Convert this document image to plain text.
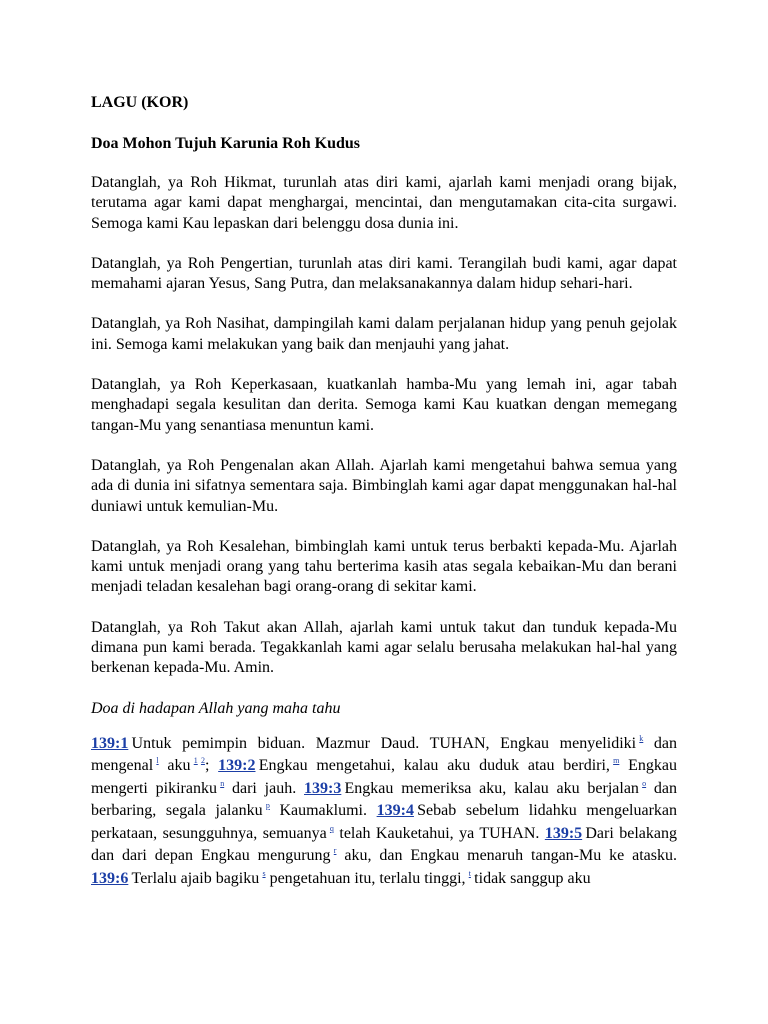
LAGU (KOR)
Doa Mohon Tujuh Karunia Roh Kudus

Datanglah, ya Roh Hikmat, turunlah atas diri kami, ajarlah kami menjadi orang bijak, terutama agar kami dapat menghargai, mencintai, dan mengutamakan cita-cita surgawi. Semoga kami Kau lepaskan dari belenggu dosa dunia ini.

Datanglah, ya Roh Pengertian, turunlah atas diri kami. Terangilah budi kami, agar dapat memahami ajaran Yesus, Sang Putra, dan melaksanakannya dalam hidup sehari-hari.

Datanglah, ya Roh Nasihat, dampingilah kami dalam perjalanan hidup yang penuh gejolak ini. Semoga kami melakukan yang baik dan menjauhi yang jahat.

Datanglah, ya Roh Keperkasaan, kuatkanlah hamba-Mu yang lemah ini, agar tabah menghadapi segala kesulitan dan derita. Semoga kami Kau kuatkan dengan memegang tangan-Mu yang senantiasa menuntun kami.

Datanglah, ya Roh Pengenalan akan Allah. Ajarlah kami mengetahui bahwa semua yang ada di dunia ini sifatnya sementara saja. Bimbinglah kami agar dapat menggunakan hal-hal duniawi untuk kemulian-Mu.

Datanglah, ya Roh Kesalehan, bimbinglah kami untuk terus berbakti kepada-Mu. Ajarlah kami untuk menjadi orang yang tahu berterima kasih atas segala kebaikan-Mu dan berani menjadi teladan kesalehan bagi orang-orang di sekitar kami.

Datanglah, ya Roh Takut akan Allah, ajarlah kami untuk takut dan tunduk kepada-Mu dimana pun kami berada. Tegakkanlah kami agar selalu berusaha melakukan hal-hal yang berkenan kepada-Mu. Amin.

Doa di hadapan Allah yang maha tahu

139:1  Untuk pemimpin biduan. Mazmur Daud. TUHAN, Engkau menyelidiki  $^k$ dan mengenal  $^l$ aku  $^1$  $^2$; 139:2  Engkau mengetahui, kalau aku duduk atau berdiri,  $^m$ Engkau mengerti pikiranku  $^n$ dari jauh. 139:3  Engkau memeriksa aku, kalau aku berjalan  $^o$ dan berbaring, segala jalanku  $^p$ Kaumaklumi. 139:4  Sebab sebelum lidahku mengeluarkan perkataan, sesungguhnya, semuanya  $^q$ telah Kauketahui, ya TUHAN. 139:5  Dari belakang dan dari depan Engkau mengurung  $^r$ aku, dan Engkau menaruh tangan-Mu ke atasku. 139:6  Terlalu ajaib bagiku  $^s$ pengetahuan itu, terlalu tinggi,  $^t$  tidak sanggup aku
